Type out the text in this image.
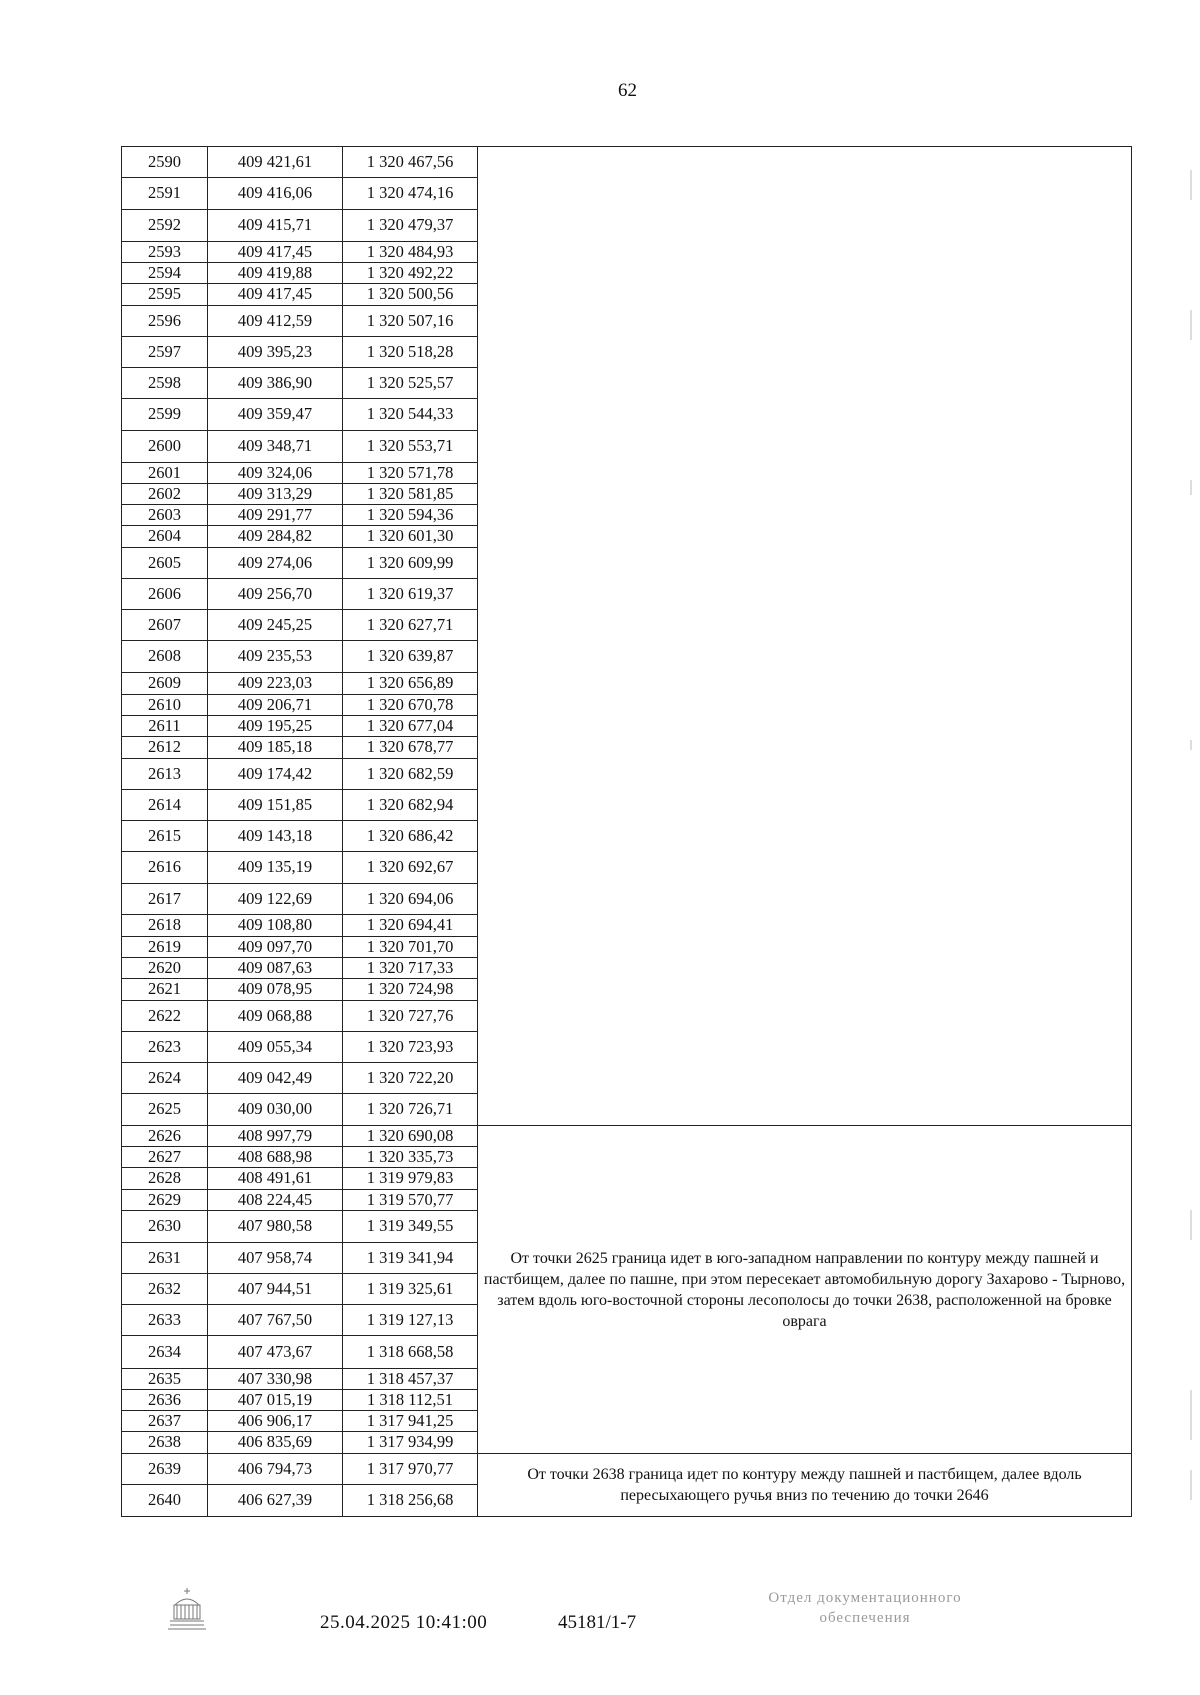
62
2590	409 421,61	1 320 467,56	
2591	409 416,06	1 320 474,16	
2592	409 415,71	1 320 479,37	
2593	409 417,45	1 320 484,93	
2594	409 419,88	1 320 492,22	
2595	409 417,45	1 320 500,56	
2596	409 412,59	1 320 507,16	
2597	409 395,23	1 320 518,28	
2598	409 386,90	1 320 525,57	
2599	409 359,47	1 320 544,33	
2600	409 348,71	1 320 553,71	
2601	409 324,06	1 320 571,78	
2602	409 313,29	1 320 581,85	
2603	409 291,77	1 320 594,36	
2604	409 284,82	1 320 601,30	
2605	409 274,06	1 320 609,99	
2606	409 256,70	1 320 619,37	
2607	409 245,25	1 320 627,71	
2608	409 235,53	1 320 639,87	
2609	409 223,03	1 320 656,89	
2610	409 206,71	1 320 670,78	
2611	409 195,25	1 320 677,04	
2612	409 185,18	1 320 678,77	
2613	409 174,42	1 320 682,59	
2614	409 151,85	1 320 682,94	
2615	409 143,18	1 320 686,42	
2616	409 135,19	1 320 692,67	
2617	409 122,69	1 320 694,06	
2618	409 108,80	1 320 694,41	
2619	409 097,70	1 320 701,70	
2620	409 087,63	1 320 717,33	
2621	409 078,95	1 320 724,98	
2622	409 068,88	1 320 727,76	
2623	409 055,34	1 320 723,93	
2624	409 042,49	1 320 722,20	
2625	409 030,00	1 320 726,71	
2626	408 997,79	1 320 690,08	От точки 2625 граница идет в юго-западном направлении по контуру между пашней и пастбищем, далее по пашне, при этом пересекает автомобильную дорогу Захарово - Тырново, затем вдоль юго-восточной стороны лесополосы до точки 2638, расположенной на бровке оврага
2627	408 688,98	1 320 335,73	
2628	408 491,61	1 319 979,83	
2629	408 224,45	1 319 570,77	
2630	407 980,58	1 319 349,55	
2631	407 958,74	1 319 341,94	
2632	407 944,51	1 319 325,61	
2633	407 767,50	1 319 127,13	
2634	407 473,67	1 318 668,58	
2635	407 330,98	1 318 457,37	
2636	407 015,19	1 318 112,51	
2637	406 906,17	1 317 941,25	
2638	406 835,69	1 317 934,99	
2639	406 794,73	1 317 970,77	От точки 2638 граница идет по контуру между пашней и пастбищем, далее вдоль пересыхающего ручья вниз по течению до точки 2646
2640	406 627,39	1 318 256,68	
25.04.2025 10:41:00	45181/1-7
Отдел документационного
обеспечения
